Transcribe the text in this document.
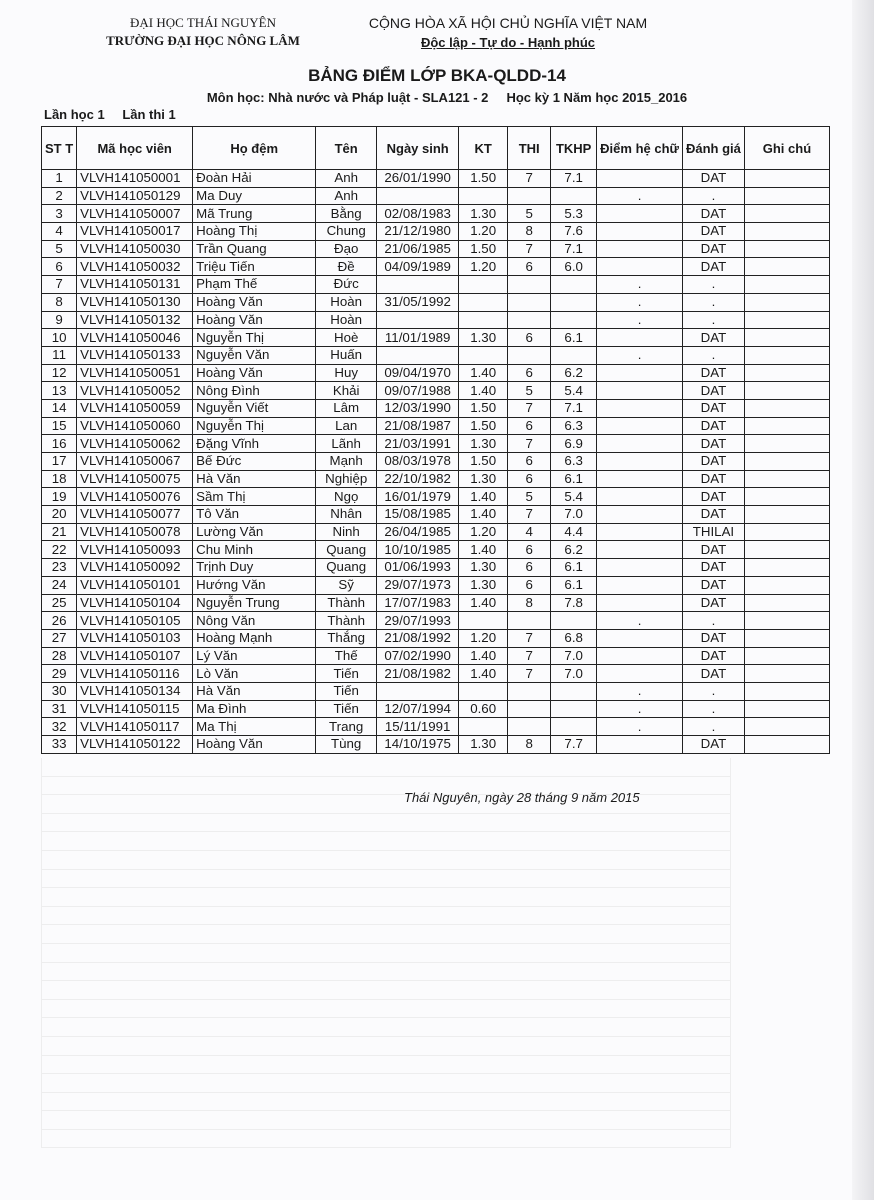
ĐẠI HỌC THÁI NGUYÊN
TRƯỜNG ĐẠI HỌC NÔNG LÂM
CỘNG HÒA XÃ HỘI CHỦ NGHĨA VIỆT NAM
Độc lập - Tự do - Hạnh phúc
BẢNG ĐIỂM LỚP BKA-QLDD-14
Môn học: Nhà nước và Pháp luật - SLA121 - 2     Học kỳ 1 Năm học 2015_2016
Lần học 1 Lần thi 1
ST T	Mã học viên	Họ đệm	Tên	Ngày sinh	KT	THI	TKHP	Điểm hệ chữ	Đánh giá	Ghi chú
1	VLVH141050001	Đoàn Hải	Anh	26/01/1990	1.50	7	7.1		DAT	
2	VLVH141050129	Ma Duy	Anh					.	.	
3	VLVH141050007	Mã Trung	Bằng	02/08/1983	1.30	5	5.3		DAT	
4	VLVH141050017	Hoàng Thị	Chung	21/12/1980	1.20	8	7.6		DAT	
5	VLVH141050030	Trần Quang	Đạo	21/06/1985	1.50	7	7.1		DAT	
6	VLVH141050032	Triệu Tiến	Đề	04/09/1989	1.20	6	6.0		DAT	
7	VLVH141050131	Phạm Thế	Đức					.	.	
8	VLVH141050130	Hoàng Văn	Hoàn	31/05/1992				.	.	
9	VLVH141050132	Hoàng Văn	Hoàn					.	.	
10	VLVH141050046	Nguyễn Thị	Hoè	11/01/1989	1.30	6	6.1		DAT	
11	VLVH141050133	Nguyễn Văn	Huấn					.	.	
12	VLVH141050051	Hoàng Văn	Huy	09/04/1970	1.40	6	6.2		DAT	
13	VLVH141050052	Nông Đình	Khải	09/07/1988	1.40	5	5.4		DAT	
14	VLVH141050059	Nguyễn Viết	Lâm	12/03/1990	1.50	7	7.1		DAT	
15	VLVH141050060	Nguyễn Thị	Lan	21/08/1987	1.50	6	6.3		DAT	
16	VLVH141050062	Đặng Vĩnh	Lãnh	21/03/1991	1.30	7	6.9		DAT	
17	VLVH141050067	Bế Đức	Mạnh	08/03/1978	1.50	6	6.3		DAT	
18	VLVH141050075	Hà Văn	Nghiệp	22/10/1982	1.30	6	6.1		DAT	
19	VLVH141050076	Sầm Thị	Ngọ	16/01/1979	1.40	5	5.4		DAT	
20	VLVH141050077	Tô Văn	Nhân	15/08/1985	1.40	7	7.0		DAT	
21	VLVH141050078	Lường Văn	Ninh	26/04/1985	1.20	4	4.4		THILAI	
22	VLVH141050093	Chu Minh	Quang	10/10/1985	1.40	6	6.2		DAT	
23	VLVH141050092	Trịnh Duy	Quang	01/06/1993	1.30	6	6.1		DAT	
24	VLVH141050101	Hướng Văn	Sỹ	29/07/1973	1.30	6	6.1		DAT	
25	VLVH141050104	Nguyễn Trung	Thành	17/07/1983	1.40	8	7.8		DAT	
26	VLVH141050105	Nông Văn	Thành	29/07/1993				.	.	
27	VLVH141050103	Hoàng Mạnh	Thắng	21/08/1992	1.20	7	6.8		DAT	
28	VLVH141050107	Lý Văn	Thế	07/02/1990	1.40	7	7.0		DAT	
29	VLVH141050116	Lò Văn	Tiến	21/08/1982	1.40	7	7.0		DAT	
30	VLVH141050134	Hà Văn	Tiến					.	.	
31	VLVH141050115	Ma Đình	Tiến	12/07/1994	0.60			.	.	
32	VLVH141050117	Ma Thị	Trang	15/11/1991				.	.	
33	VLVH141050122	Hoàng Văn	Tùng	14/10/1975	1.30	8	7.7		DAT	
Thái Nguyên, ngày 28 tháng 9 năm 2015
